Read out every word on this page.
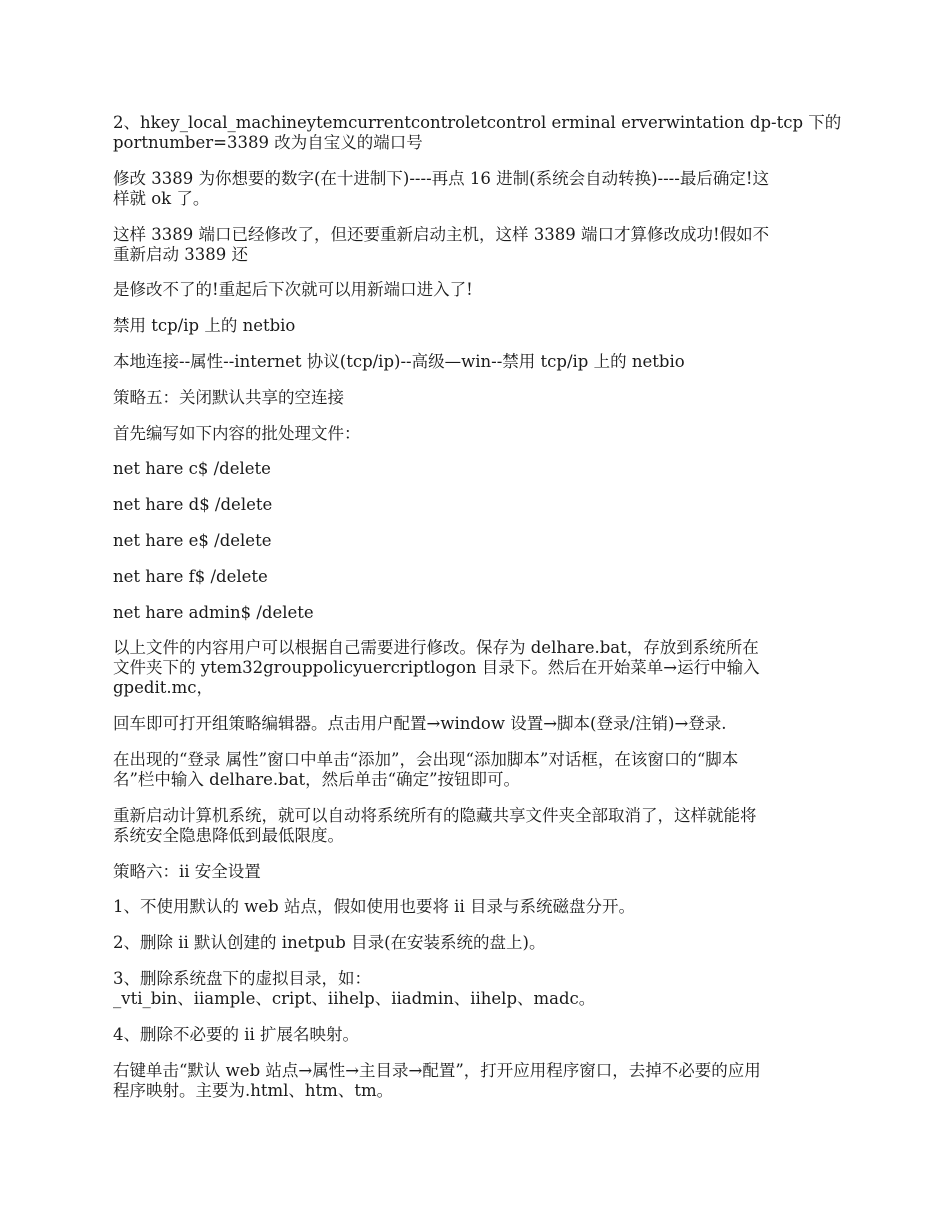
2、hkey_local_machineytemcurrentcontroletcontrol erminal erverwintation dp-tcp 下的
portnumber=3389 改为自宝义的端口号

修改 3389 为你想要的数字(在十进制下)----再点 16 进制(系统会自动转换)----最后确定!这
样就 ok 了。

这样 3389 端口已经修改了，但还要重新启动主机，这样 3389 端口才算修改成功!假如不
重新启动 3389 还

是修改不了的!重起后下次就可以用新端口进入了!

禁用 tcp/ip 上的 netbio

本地连接--属性--internet 协议(tcp/ip)--高级—win--禁用 tcp/ip 上的 netbio

策略五：关闭默认共享的空连接

首先编写如下内容的批处理文件：

net hare c$ /delete

net hare d$ /delete

net hare e$ /delete

net hare f$ /delete

net hare admin$ /delete

以上文件的内容用户可以根据自己需要进行修改。保存为 delhare.bat，存放到系统所在
文件夹下的 ytem32grouppolicyuercriptlogon 目录下。然后在开始菜单→运行中输入
gpedit.mc，

回车即可打开组策略编辑器。点击用户配置→window 设置→脚本(登录/注销)→登录.

在出现的“登录 属性”窗口中单击“添加”，会出现“添加脚本”对话框，在该窗口的“脚本
名”栏中输入 delhare.bat，然后单击“确定”按钮即可。

重新启动计算机系统，就可以自动将系统所有的隐藏共享文件夹全部取消了，这样就能将
系统安全隐患降低到最低限度。

策略六：ii 安全设置

1、不使用默认的 web 站点，假如使用也要将 ii 目录与系统磁盘分开。

2、删除 ii 默认创建的 inetpub 目录(在安装系统的盘上)。

3、删除系统盘下的虚拟目录，如：
_vti_bin、iiample、cript、iihelp、iiadmin、iihelp、madc。

4、删除不必要的 ii 扩展名映射。

右键单击“默认 web 站点→属性→主目录→配置”，打开应用程序窗口，去掉不必要的应用
程序映射。主要为.html、htm、tm。
